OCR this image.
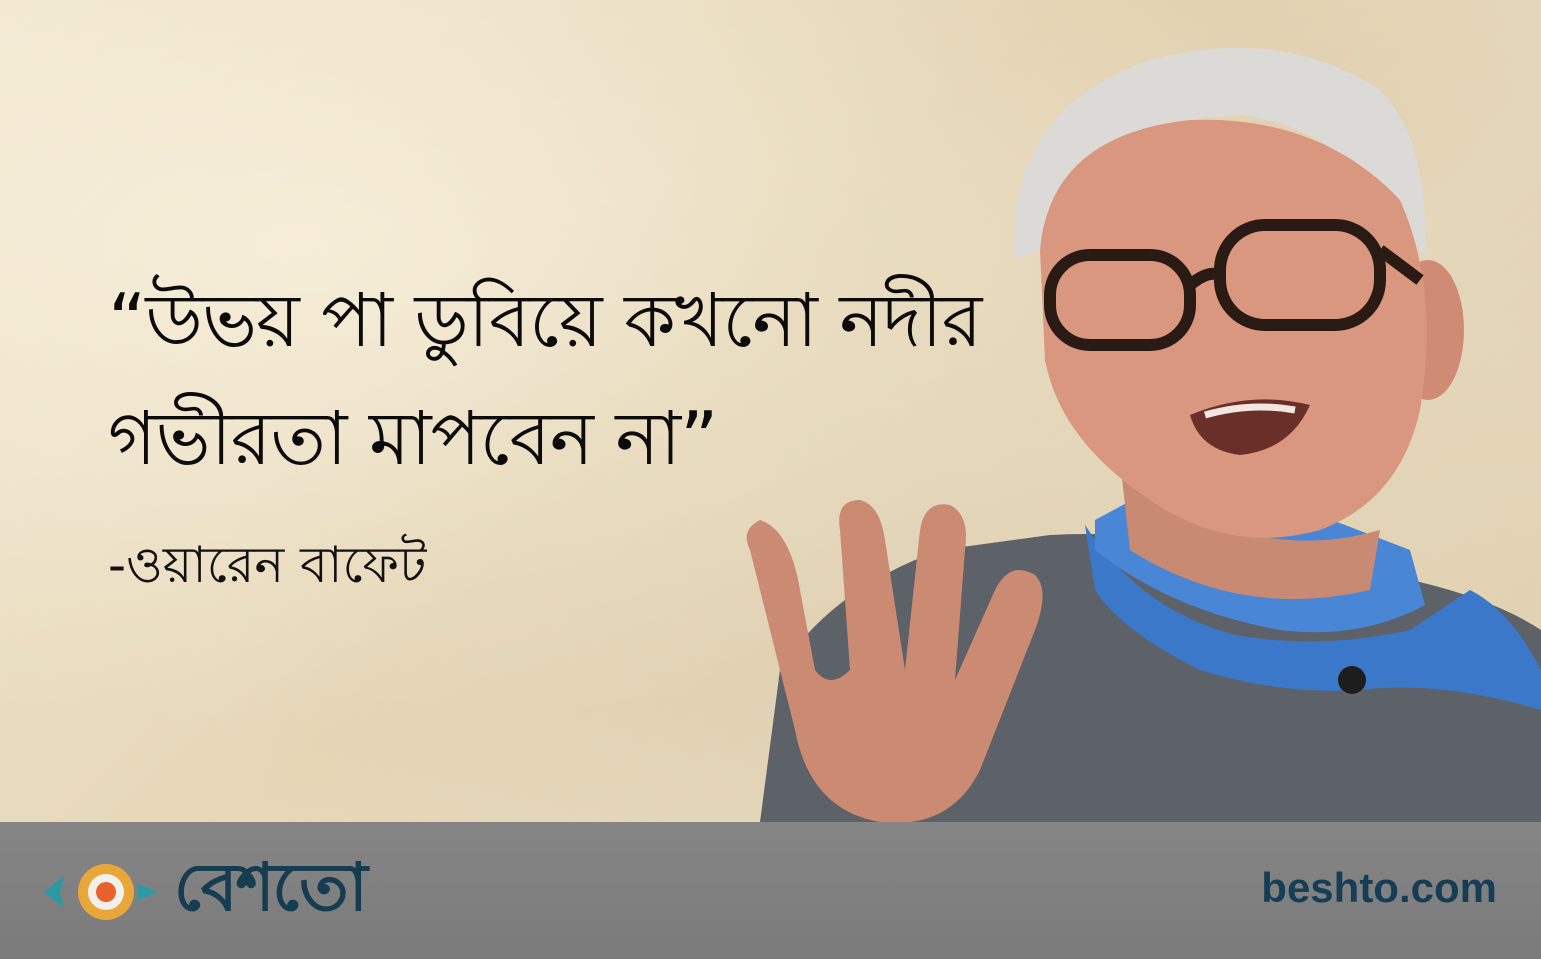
“উভয় পা ডুবিয়ে কখনো নদীর
গভীরতা মাপবেন না”
-ওয়ারেন বাফেট
বেশতো	beshto.com
